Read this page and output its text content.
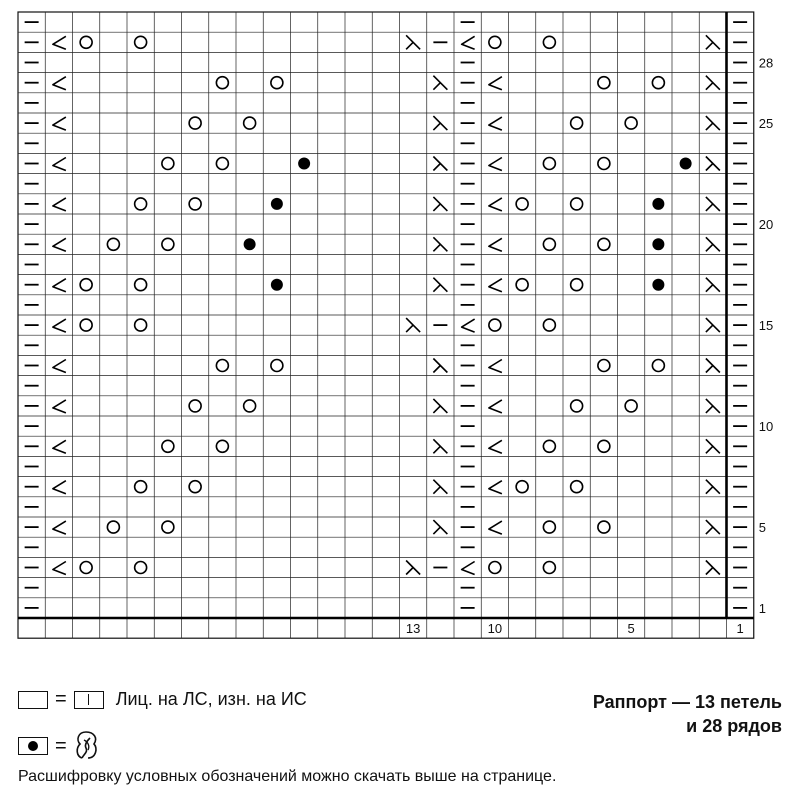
28
25
20
15
10
5
1
13	10	5	1
=	Лиц. на ЛС, изн. на ИС
=
Раппорт — 13 петель
и 28 рядов
Расшифровку условных обозначений можно скачать выше на странице.
